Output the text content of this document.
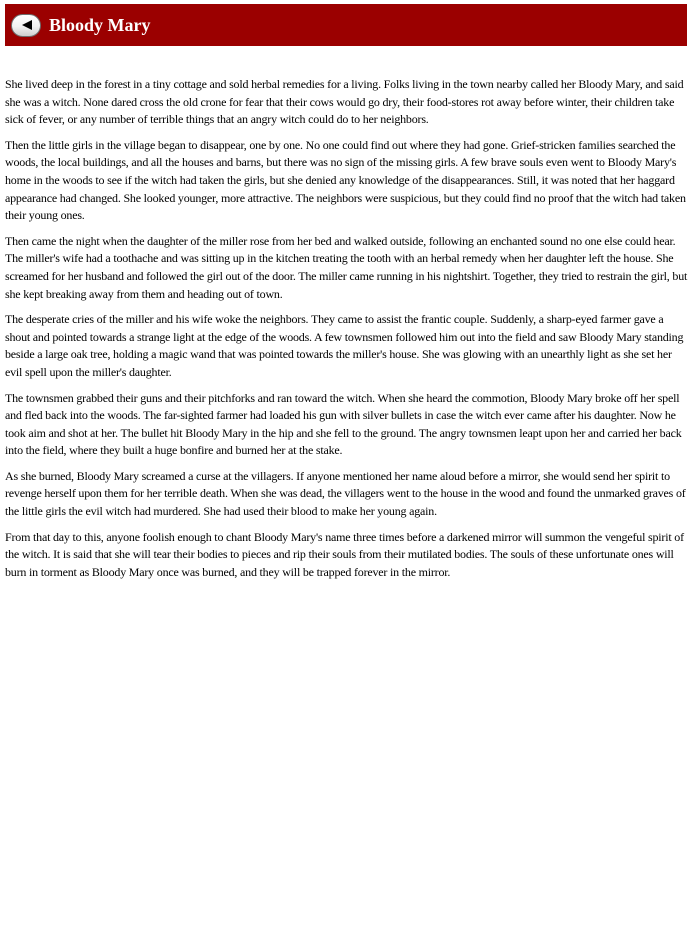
Bloody Mary

She lived deep in the forest in a tiny cottage and sold herbal remedies for a living. Folks living in the town nearby called her Bloody Mary, and said she was a witch. None dared cross the old crone for fear that their cows would go dry, their food-stores rot away before winter, their children take sick of fever, or any number of terrible things that an angry witch could do to her neighbors.

Then the little girls in the village began to disappear, one by one. No one could find out where they had gone. Grief-stricken families searched the woods, the local buildings, and all the houses and barns, but there was no sign of the missing girls. A few brave souls even went to Bloody Mary's home in the woods to see if the witch had taken the girls, but she denied any knowledge of the disappearances. Still, it was noted that her haggard appearance had changed. She looked younger, more attractive. The neighbors were suspicious, but they could find no proof that the witch had taken their young ones.

Then came the night when the daughter of the miller rose from her bed and walked outside, following an enchanted sound no one else could hear. The miller's wife had a toothache and was sitting up in the kitchen treating the tooth with an herbal remedy when her daughter left the house. She screamed for her husband and followed the girl out of the door. The miller came running in his nightshirt. Together, they tried to restrain the girl, but she kept breaking away from them and heading out of town.

The desperate cries of the miller and his wife woke the neighbors. They came to assist the frantic couple. Suddenly, a sharp-eyed farmer gave a shout and pointed towards a strange light at the edge of the woods. A few townsmen followed him out into the field and saw Bloody Mary standing beside a large oak tree, holding a magic wand that was pointed towards the miller's house. She was glowing with an unearthly light as she set her evil spell upon the miller's daughter.

The townsmen grabbed their guns and their pitchforks and ran toward the witch. When she heard the commotion, Bloody Mary broke off her spell and fled back into the woods. The far-sighted farmer had loaded his gun with silver bullets in case the witch ever came after his daughter. Now he took aim and shot at her. The bullet hit Bloody Mary in the hip and she fell to the ground. The angry townsmen leapt upon her and carried her back into the field, where they built a huge bonfire and burned her at the stake.

As she burned, Bloody Mary screamed a curse at the villagers. If anyone mentioned her name aloud before a mirror, she would send her spirit to revenge herself upon them for her terrible death. When she was dead, the villagers went to the house in the wood and found the unmarked graves of the little girls the evil witch had murdered. She had used their blood to make her young again.

From that day to this, anyone foolish enough to chant Bloody Mary's name three times before a darkened mirror will summon the vengeful spirit of the witch. It is said that she will tear their bodies to pieces and rip their souls from their mutilated bodies. The souls of these unfortunate ones will burn in torment as Bloody Mary once was burned, and they will be trapped forever in the mirror.
